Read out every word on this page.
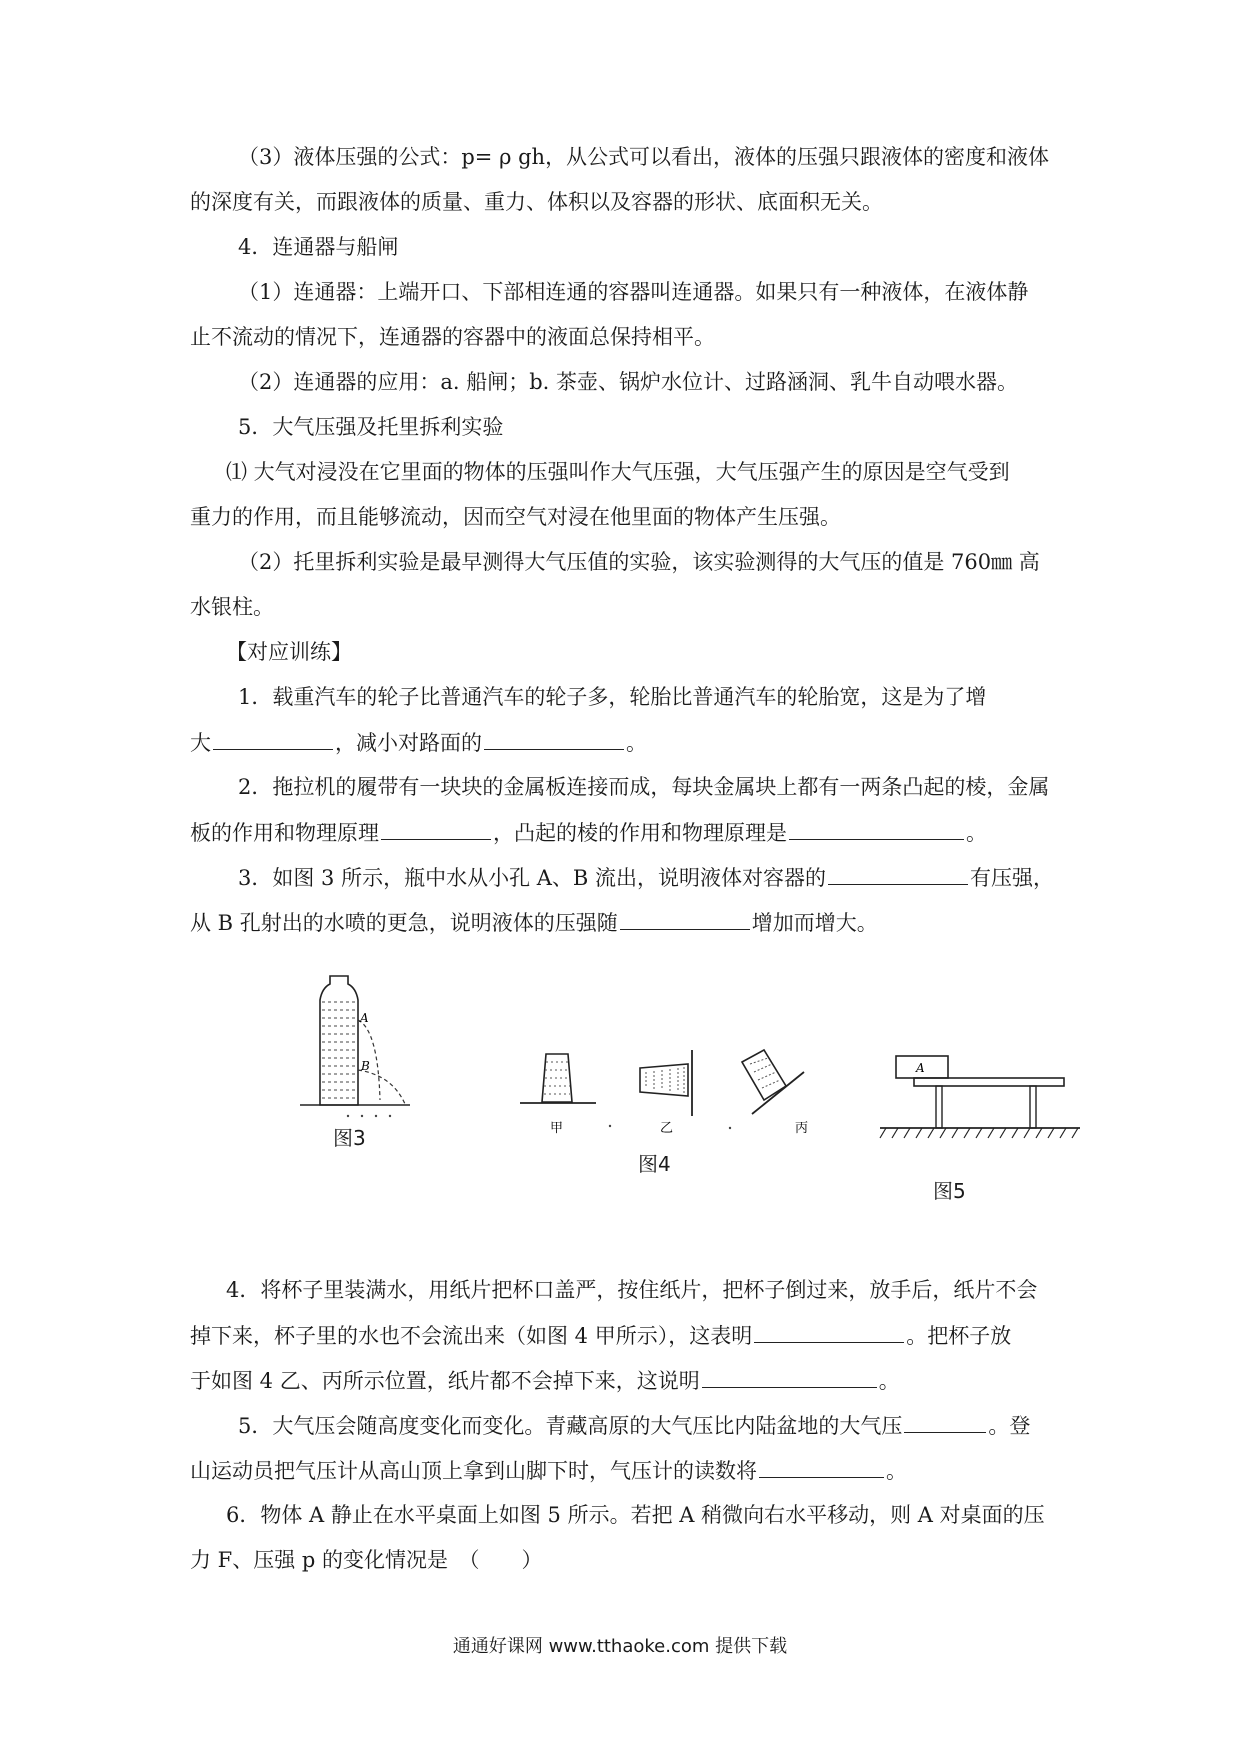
（3）液体压强的公式：p= ρ gh，从公式可以看出，液体的压强只跟液体的密度和液体
的深度有关，而跟液体的质量、重力、体积以及容器的形状、底面积无关。
4．连通器与船闸
（1）连通器：上端开口、下部相连通的容器叫连通器。如果只有一种液体，在液体静
止不流动的情况下，连通器的容器中的液面总保持相平。
（2）连通器的应用：a. 船闸；b. 茶壶、锅炉水位计、过路涵洞、乳牛自动喂水器。
5．大气压强及托里拆利实验
⑴ 大气对浸没在它里面的物体的压强叫作大气压强，大气压强产生的原因是空气受到
重力的作用，而且能够流动，因而空气对浸在他里面的物体产生压强。
（2）托里拆利实验是最早测得大气压值的实验，该实验测得的大气压的值是 760㎜ 高
水银柱。
【对应训练】
1．载重汽车的轮子比普通汽车的轮子多，轮胎比普通汽车的轮胎宽，这是为了增
大	，减小对路面的	。
2．拖拉机的履带有一块块的金属板连接而成，每块金属块上都有一两条凸起的棱，金属
板的作用和物理原理	，凸起的棱的作用和物理原理是	。
3．如图 3 所示，瓶中水从小孔 A、B 流出，说明液体对容器的	有压强，
从 B 孔射出的水喷的更急，说明液体的压强随	增加而增大。
A
B
图3	甲	乙	丙
图4
A
图5
4．将杯子里装满水，用纸片把杯口盖严，按住纸片，把杯子倒过来，放手后，纸片不会
掉下来，杯子里的水也不会流出来（如图 4 甲所示），这表明	。把杯子放
于如图 4 乙、丙所示位置，纸片都不会掉下来，这说明	。
5．大气压会随高度变化而变化。青藏高原的大气压比内陆盆地的大气压	。登
山运动员把气压计从高山顶上拿到山脚下时，气压计的读数将	。
6．物体 A 静止在水平桌面上如图 5 所示。若把 A 稍微向右水平移动，则 A 对桌面的压
力 F、压强 p 的变化情况是　（　　）
通通好课网 www.tthaoke.com 提供下载
